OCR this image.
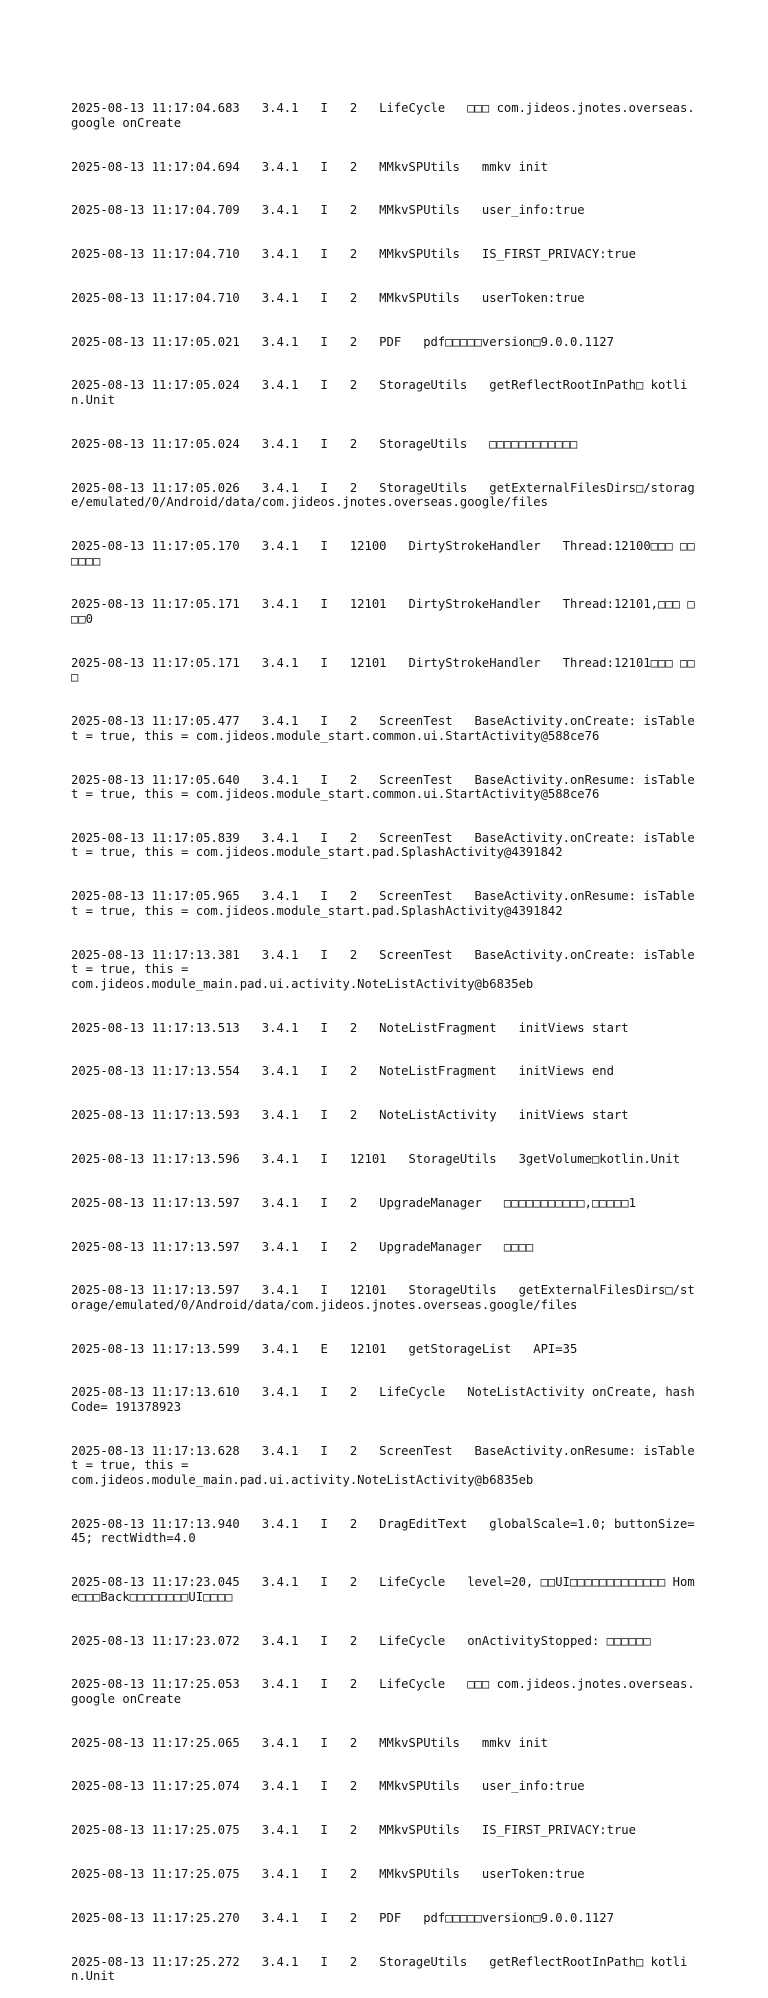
2025-08-13 11:17:04.683   3.4.1   I   2   LifeCycle   □□□ com.jideos.jnotes.overseas.google onCreate

2025-08-13 11:17:04.694   3.4.1   I   2   MMkvSPUtils   mmkv init

2025-08-13 11:17:04.709   3.4.1   I   2   MMkvSPUtils   user_info:true

2025-08-13 11:17:04.710   3.4.1   I   2   MMkvSPUtils   IS_FIRST_PRIVACY:true

2025-08-13 11:17:04.710   3.4.1   I   2   MMkvSPUtils   userToken:true

2025-08-13 11:17:05.021   3.4.1   I   2   PDF   pdf□□□□□version□9.0.0.1127

2025-08-13 11:17:05.024   3.4.1   I   2   StorageUtils   getReflectRootInPath□ kotlin.Unit

2025-08-13 11:17:05.024   3.4.1   I   2   StorageUtils   □□□□□□□□□□□□

2025-08-13 11:17:05.026   3.4.1   I   2   StorageUtils   getExternalFilesDirs□/storage/emulated/0/Android/data/com.jideos.jnotes.overseas.google/files

2025-08-13 11:17:05.170   3.4.1   I   12100   DirtyStrokeHandler   Thread:12100□□□ □□□□□□

2025-08-13 11:17:05.171   3.4.1   I   12101   DirtyStrokeHandler   Thread:12101,□□□ □□□0

2025-08-13 11:17:05.171   3.4.1   I   12101   DirtyStrokeHandler   Thread:12101□□□ □□□

2025-08-13 11:17:05.477   3.4.1   I   2   ScreenTest   BaseActivity.onCreate: isTablet = true, this = com.jideos.module_start.common.ui.StartActivity@588ce76

2025-08-13 11:17:05.640   3.4.1   I   2   ScreenTest   BaseActivity.onResume: isTablet = true, this = com.jideos.module_start.common.ui.StartActivity@588ce76

2025-08-13 11:17:05.839   3.4.1   I   2   ScreenTest   BaseActivity.onCreate: isTablet = true, this = com.jideos.module_start.pad.SplashActivity@4391842

2025-08-13 11:17:05.965   3.4.1   I   2   ScreenTest   BaseActivity.onResume: isTablet = true, this = com.jideos.module_start.pad.SplashActivity@4391842

2025-08-13 11:17:13.381   3.4.1   I   2   ScreenTest   BaseActivity.onCreate: isTablet = true, this =
com.jideos.module_main.pad.ui.activity.NoteListActivity@b6835eb

2025-08-13 11:17:13.513   3.4.1   I   2   NoteListFragment   initViews start

2025-08-13 11:17:13.554   3.4.1   I   2   NoteListFragment   initViews end

2025-08-13 11:17:13.593   3.4.1   I   2   NoteListActivity   initViews start

2025-08-13 11:17:13.596   3.4.1   I   12101   StorageUtils   3getVolume□kotlin.Unit

2025-08-13 11:17:13.597   3.4.1   I   2   UpgradeManager   □□□□□□□□□□□,□□□□□1

2025-08-13 11:17:13.597   3.4.1   I   2   UpgradeManager   □□□□

2025-08-13 11:17:13.597   3.4.1   I   12101   StorageUtils   getExternalFilesDirs□/storage/emulated/0/Android/data/com.jideos.jnotes.overseas.google/files

2025-08-13 11:17:13.599   3.4.1   E   12101   getStorageList   API=35

2025-08-13 11:17:13.610   3.4.1   I   2   LifeCycle   NoteListActivity onCreate, hashCode= 191378923

2025-08-13 11:17:13.628   3.4.1   I   2   ScreenTest   BaseActivity.onResume: isTablet = true, this =
com.jideos.module_main.pad.ui.activity.NoteListActivity@b6835eb

2025-08-13 11:17:13.940   3.4.1   I   2   DragEditText   globalScale=1.0; buttonSize=45; rectWidth=4.0

2025-08-13 11:17:23.045   3.4.1   I   2   LifeCycle   level=20, □□UI□□□□□□□□□□□□□ Home□□□Back□□□□□□□□UI□□□□

2025-08-13 11:17:23.072   3.4.1   I   2   LifeCycle   onActivityStopped: □□□□□□

2025-08-13 11:17:25.053   3.4.1   I   2   LifeCycle   □□□ com.jideos.jnotes.overseas.google onCreate

2025-08-13 11:17:25.065   3.4.1   I   2   MMkvSPUtils   mmkv init

2025-08-13 11:17:25.074   3.4.1   I   2   MMkvSPUtils   user_info:true

2025-08-13 11:17:25.075   3.4.1   I   2   MMkvSPUtils   IS_FIRST_PRIVACY:true

2025-08-13 11:17:25.075   3.4.1   I   2   MMkvSPUtils   userToken:true

2025-08-13 11:17:25.270   3.4.1   I   2   PDF   pdf□□□□□version□9.0.0.1127

2025-08-13 11:17:25.272   3.4.1   I   2   StorageUtils   getReflectRootInPath□ kotlin.Unit
